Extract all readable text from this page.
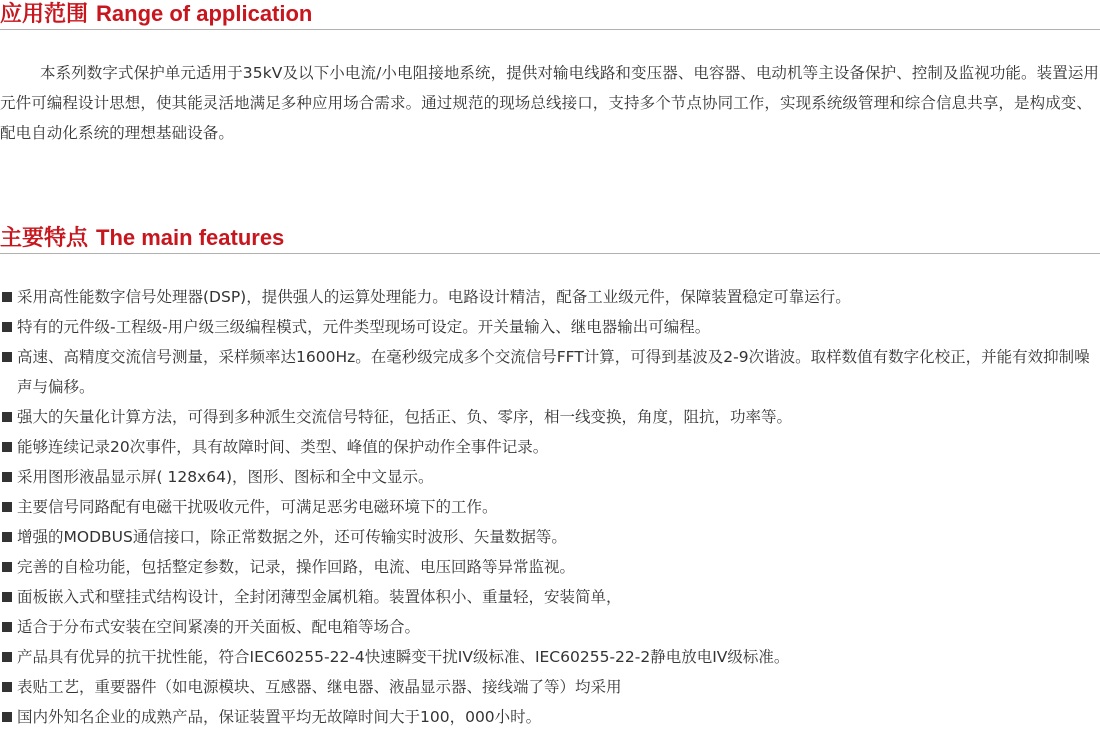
应用范围 Range of application
本系列数字式保护单元适用于35kV及以下小电流/小电阻接地系统，提供对输电线路和变压器、电容器、电动机等主设备保护、控制及监视功能。装置运用元件可编程设计思想，使其能灵活地满足多种应用场合需求。通过规范的现场总线接口，支持多个节点协同工作，实现系统级管理和综合信息共享，是构成变、配电自动化系统的理想基础设备。
主要特点 The main features
采用高性能数字信号处理器(DSP)，提供强人的运算处理能力。电路设计精洁，配备工业级元件，保障装置稳定可靠运行。
特有的元件级-工程级-用户级三级编程模式，元件类型现场可设定。开关量输入、继电器输出可编程。
高速、高精度交流信号测量，采样频率达1600Hz。在毫秒级完成多个交流信号FFT计算，可得到基波及2-9次谐波。取样数值有数字化校正，并能有效抑制噪声与偏移。
强大的矢量化计算方法，可得到多种派生交流信号特征，包括正、负、零序，相一线变换，角度，阻抗，功率等。
能够连续记录20次事件，具有故障时间、类型、峰值的保护动作全事件记录。
采用图形液晶显示屏( 128x64)，图形、图标和全中文显示。
主要信号同路配有电磁干扰吸收元件，可满足恶劣电磁环境下的工作。
增强的MODBUS通信接口，除正常数据之外，还可传输实时波形、矢量数据等。
完善的自检功能，包括整定参数，记录，操作回路，电流、电压回路等异常监视。
面板嵌入式和壁挂式结构设计，全封闭薄型金属机箱。装置体积小、重量轻，安装简单，
适合于分布式安装在空间紧凑的开关面板、配电箱等场合。
产品具有优异的抗干扰性能，符合IEC60255-22-4快速瞬变干扰IV级标准、IEC60255-22-2静电放电IV级标准。
表贴工艺，重要器件（如电源模块、互感器、继电器、液晶显示器、接线端了等）均采用
国内外知名企业的成熟产品，保证装置平均无故障时间大于100，000小时。
